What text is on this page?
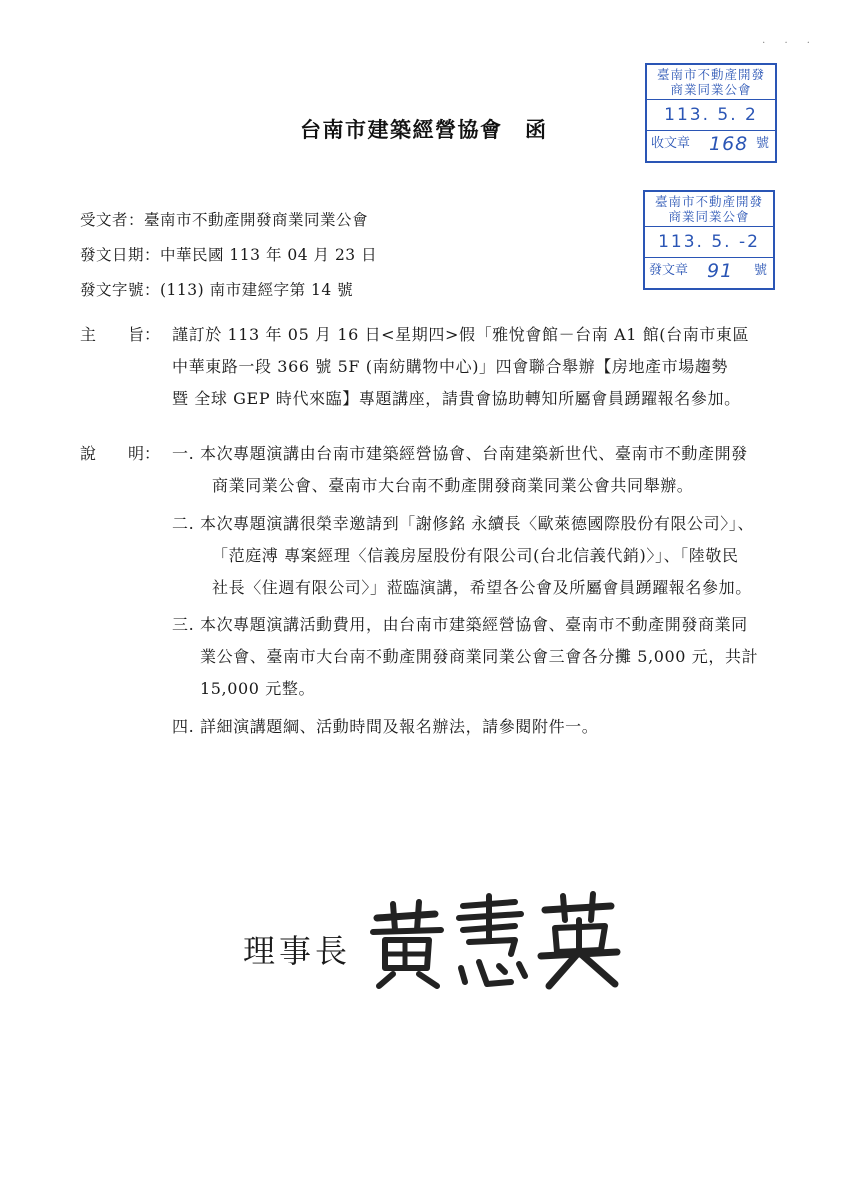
· · ·
台南市建築經營協會　函
臺南市不動產開發商業同業公會
113. 5. 2
收文章 168 號
臺南市不動產開發商業同業公會
113. 5. -2
發文章 91 號
受文者：臺南市不動產開發商業同業公會
發文日期：中華民國 113 年 04 月 23 日
發文字號：(113) 南市建經字第 14 號
主　　旨： 謹訂於 113 年 05 月 16 日<星期四>假「雅悅會館－台南 A1 館(台南市東區
中華東路一段 366 號 5F (南紡購物中心)」四會聯合舉辦【房地產市場趨勢
暨 全球 GEP 時代來臨】專題講座，請貴會協助轉知所屬會員踴躍報名參加。
說　　明： 一. 本次專題演講由台南市建築經營協會、台南建築新世代、臺南市不動產開發
商業同業公會、臺南市大台南不動產開發商業同業公會共同舉辦。
二. 本次專題演講很榮幸邀請到「謝修銘 永續長〈歐萊德國際股份有限公司〉」、
「范庭溥 專案經理〈信義房屋股份有限公司(台北信義代銷)〉」、「陸敬民
社長〈住週有限公司〉」蒞臨演講，希望各公會及所屬會員踴躍報名參加。
三. 本次專題演講活動費用，由台南市建築經營協會、臺南市不動產開發商業同
業公會、臺南市大台南不動產開發商業同業公會三會各分攤 5,000 元，共計
15,000 元整。
四. 詳細演講題綱、活動時間及報名辦法，請參閱附件一。
理事長
